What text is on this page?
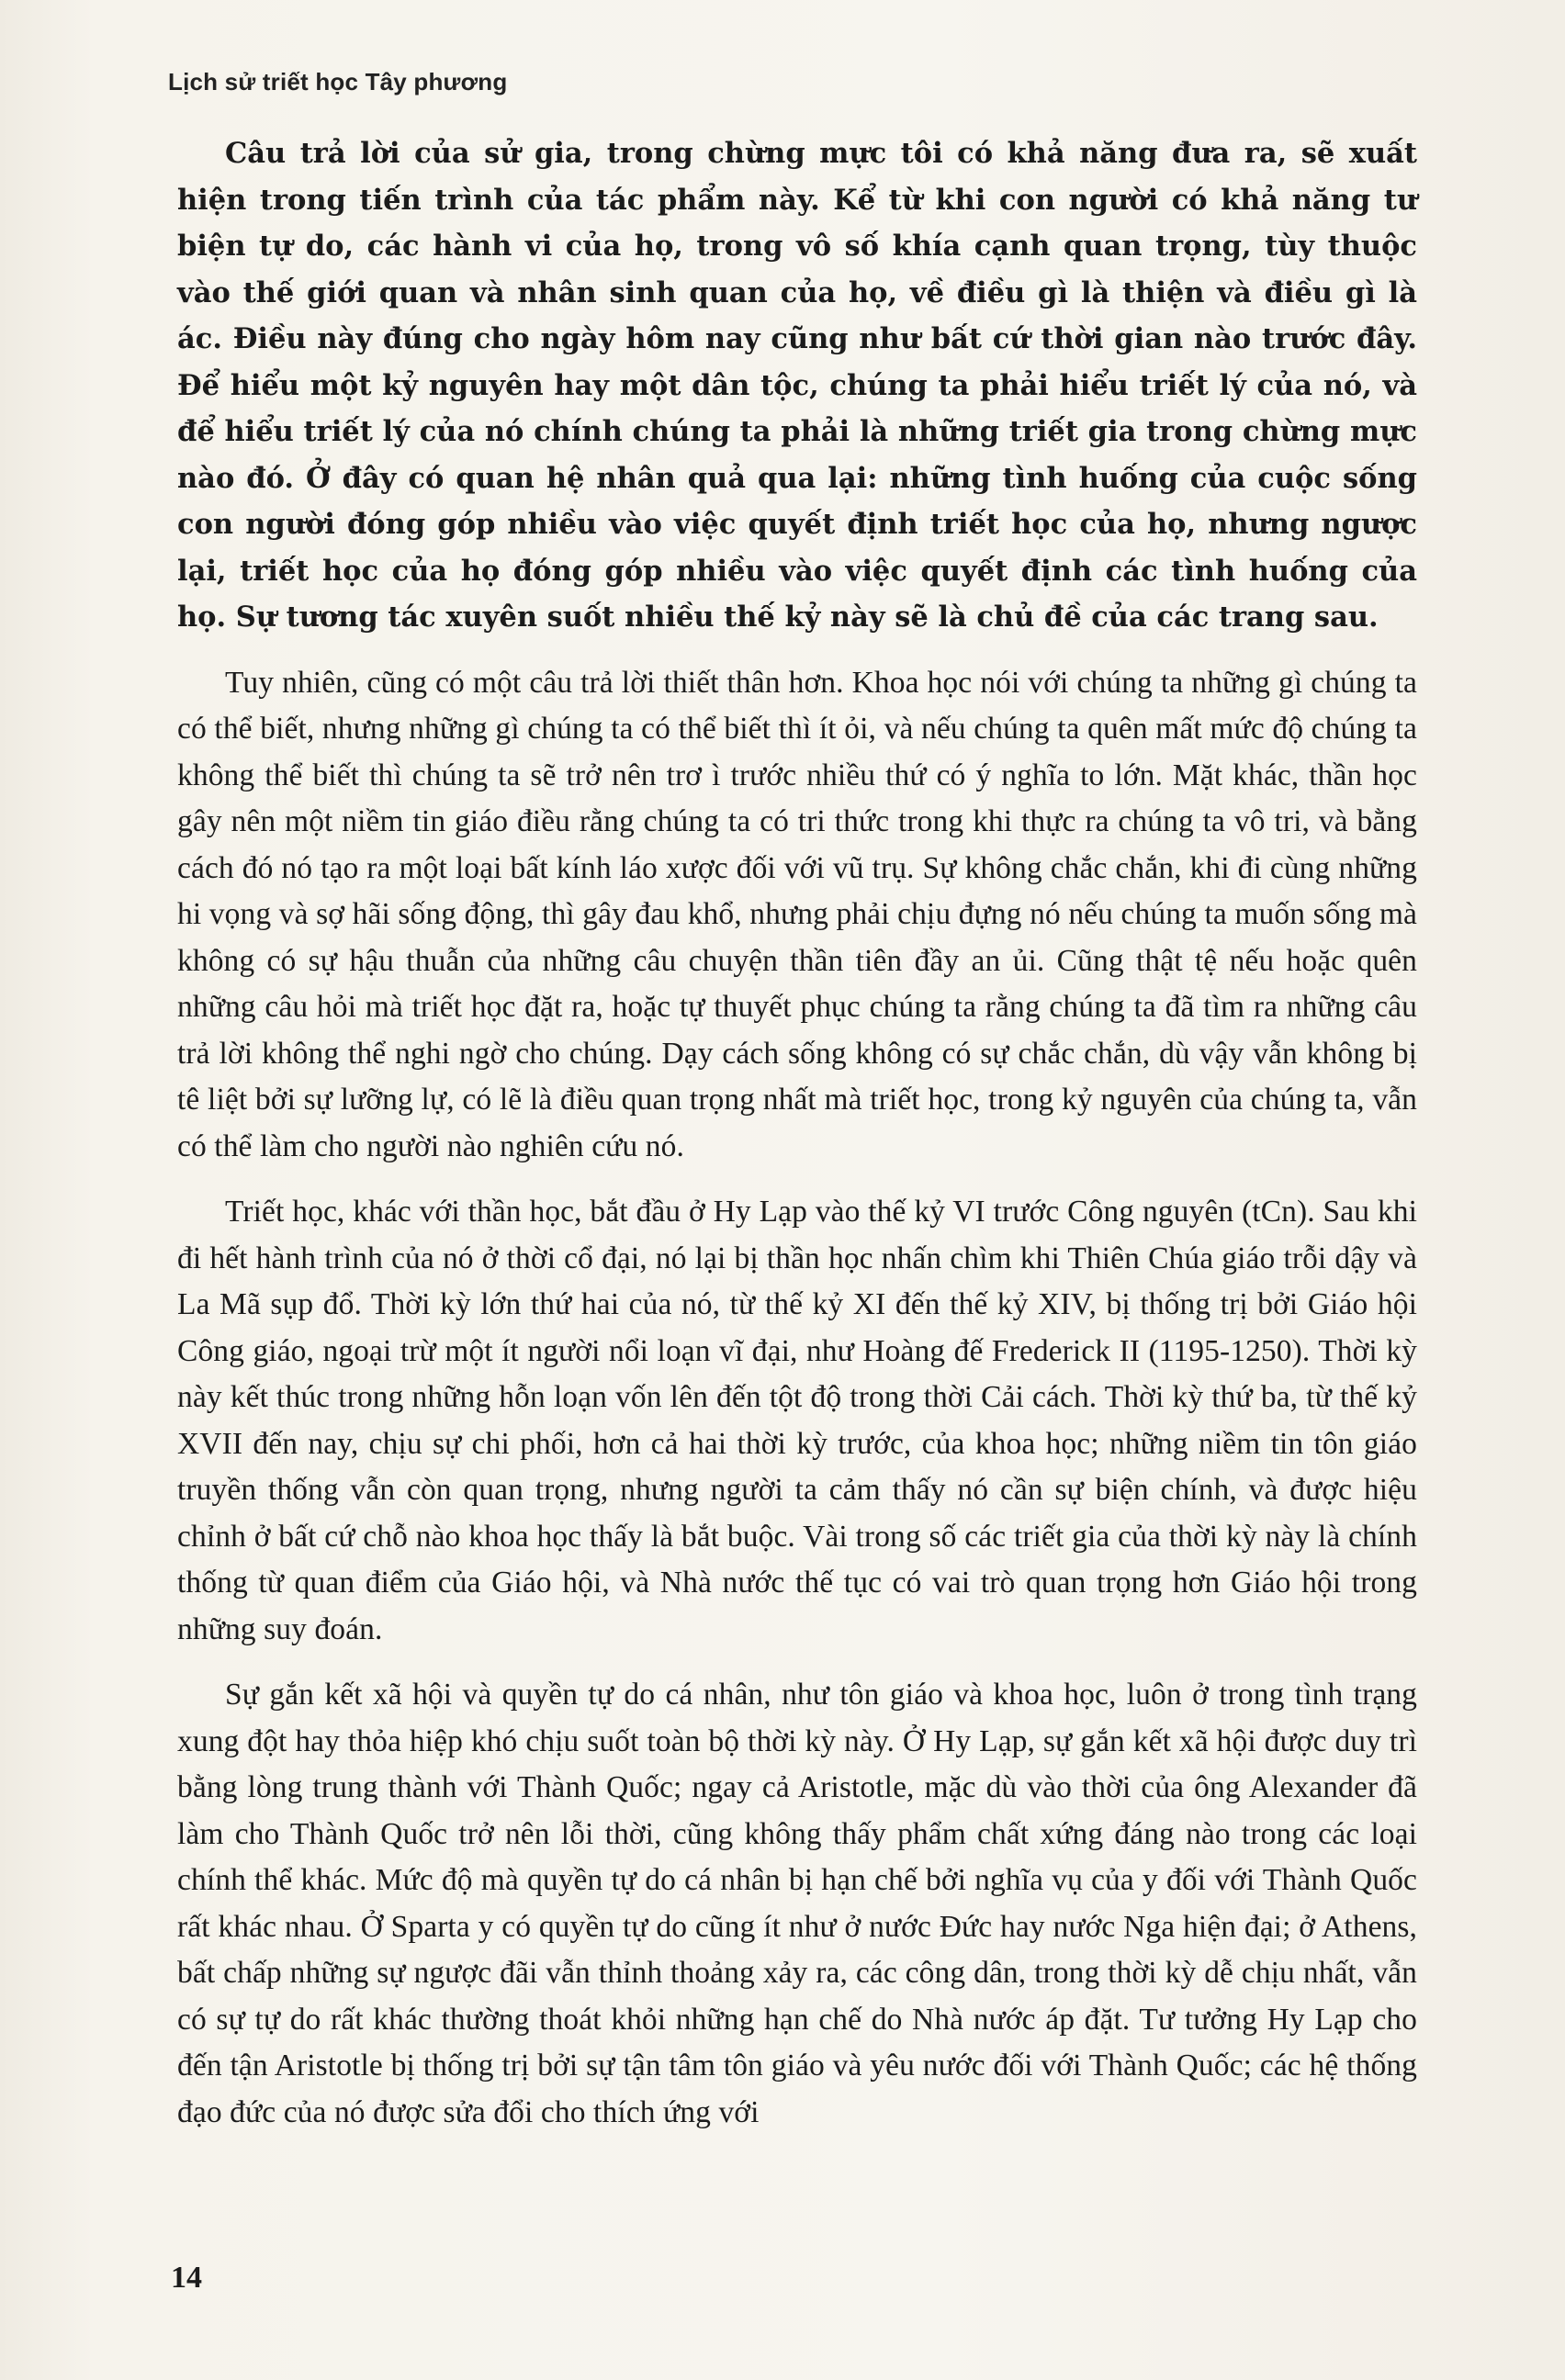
Lịch sử triết học Tây phương

Câu trả lời của sử gia, trong chừng mực tôi có khả năng đưa ra, sẽ xuất hiện trong tiến trình của tác phẩm này. Kể từ khi con người có khả năng tư biện tự do, các hành vi của họ, trong vô số khía cạnh quan trọng, tùy thuộc vào thế giới quan và nhân sinh quan của họ, về điều gì là thiện và điều gì là ác. Điều này đúng cho ngày hôm nay cũng như bất cứ thời gian nào trước đây. Để hiểu một kỷ nguyên hay một dân tộc, chúng ta phải hiểu triết lý của nó, và để hiểu triết lý của nó chính chúng ta phải là những triết gia trong chừng mực nào đó. Ở đây có quan hệ nhân quả qua lại: những tình huống của cuộc sống con người đóng góp nhiều vào việc quyết định triết học của họ, nhưng ngược lại, triết học của họ đóng góp nhiều vào việc quyết định các tình huống của họ. Sự tương tác xuyên suốt nhiều thế kỷ này sẽ là chủ đề của các trang sau.

Tuy nhiên, cũng có một câu trả lời thiết thân hơn. Khoa học nói với chúng ta những gì chúng ta có thể biết, nhưng những gì chúng ta có thể biết thì ít ỏi, và nếu chúng ta quên mất mức độ chúng ta không thể biết thì chúng ta sẽ trở nên trơ ì trước nhiều thứ có ý nghĩa to lớn. Mặt khác, thần học gây nên một niềm tin giáo điều rằng chúng ta có tri thức trong khi thực ra chúng ta vô tri, và bằng cách đó nó tạo ra một loại bất kính láo xược đối với vũ trụ. Sự không chắc chắn, khi đi cùng những hi vọng và sợ hãi sống động, thì gây đau khổ, nhưng phải chịu đựng nó nếu chúng ta muốn sống mà không có sự hậu thuẫn của những câu chuyện thần tiên đầy an ủi. Cũng thật tệ nếu hoặc quên những câu hỏi mà triết học đặt ra, hoặc tự thuyết phục chúng ta rằng chúng ta đã tìm ra những câu trả lời không thể nghi ngờ cho chúng. Dạy cách sống không có sự chắc chắn, dù vậy vẫn không bị tê liệt bởi sự lưỡng lự, có lẽ là điều quan trọng nhất mà triết học, trong kỷ nguyên của chúng ta, vẫn có thể làm cho người nào nghiên cứu nó.

Triết học, khác với thần học, bắt đầu ở Hy Lạp vào thế kỷ VI trước Công nguyên (tCn). Sau khi đi hết hành trình của nó ở thời cổ đại, nó lại bị thần học nhấn chìm khi Thiên Chúa giáo trỗi dậy và La Mã sụp đổ. Thời kỳ lớn thứ hai của nó, từ thế kỷ XI đến thế kỷ XIV, bị thống trị bởi Giáo hội Công giáo, ngoại trừ một ít người nổi loạn vĩ đại, như Hoàng đế Frederick II (1195-1250). Thời kỳ này kết thúc trong những hỗn loạn vốn lên đến tột độ trong thời Cải cách. Thời kỳ thứ ba, từ thế kỷ XVII đến nay, chịu sự chi phối, hơn cả hai thời kỳ trước, của khoa học; những niềm tin tôn giáo truyền thống vẫn còn quan trọng, nhưng người ta cảm thấy nó cần sự biện chính, và được hiệu chỉnh ở bất cứ chỗ nào khoa học thấy là bắt buộc. Vài trong số các triết gia của thời kỳ này là chính thống từ quan điểm của Giáo hội, và Nhà nước thế tục có vai trò quan trọng hơn Giáo hội trong những suy đoán.

Sự gắn kết xã hội và quyền tự do cá nhân, như tôn giáo và khoa học, luôn ở trong tình trạng xung đột hay thỏa hiệp khó chịu suốt toàn bộ thời kỳ này. Ở Hy Lạp, sự gắn kết xã hội được duy trì bằng lòng trung thành với Thành Quốc; ngay cả Aristotle, mặc dù vào thời của ông Alexander đã làm cho Thành Quốc trở nên lỗi thời, cũng không thấy phẩm chất xứng đáng nào trong các loại chính thể khác. Mức độ mà quyền tự do cá nhân bị hạn chế bởi nghĩa vụ của y đối với Thành Quốc rất khác nhau. Ở Sparta y có quyền tự do cũng ít như ở nước Đức hay nước Nga hiện đại; ở Athens, bất chấp những sự ngược đãi vẫn thỉnh thoảng xảy ra, các công dân, trong thời kỳ dễ chịu nhất, vẫn có sự tự do rất khác thường thoát khỏi những hạn chế do Nhà nước áp đặt. Tư tưởng Hy Lạp cho đến tận Aristotle bị thống trị bởi sự tận tâm tôn giáo và yêu nước đối với Thành Quốc; các hệ thống đạo đức của nó được sửa đổi cho thích ứng với

14
